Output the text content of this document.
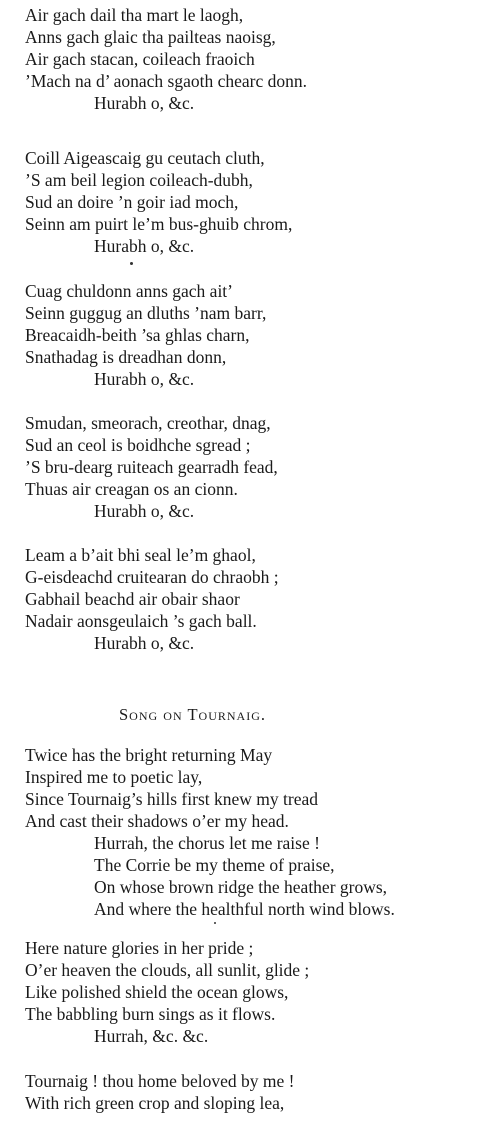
Air gach dail tha mart le laogh,
Anns gach glaic tha pailteas naoisg,
Air gach stacan, coileach fraoich
’Mach na d’ aonach sgaoth chearc donn.
Hurabh o, &c.
Coill Aigeascaig gu ceutach cluth,
’S am beil legion coileach-dubh,
Sud an doire ’n goir iad moch,
Seinn am puirt le’m bus-ghuib chrom,
Hurabh o, &c.
Cuag chuldonn anns gach ait’
Seinn guggug an dluths ’nam barr,
Breacaidh-beith ’sa ghlas charn,
Snathadag is dreadhan donn,
Hurabh o, &c.
Smudan, smeorach, creothar, dnag,
Sud an ceol is boidhche sgread ;
’S bru-dearg ruiteach gearradh fead,
Thuas air creagan os an cionn.
Hurabh o, &c.
Leam a b’ait bhi seal le’m ghaol,
G-eisdeachd cruitearan do chraobh ;
Gabhail beachd air obair shaor
Nadair aonsgeulaich ’s gach ball.
Hurabh o, &c.
Song on Tournaig.
Twice has the bright returning May
Inspired me to poetic lay,
Since Tournaig’s hills first knew my tread
And cast their shadows o’er my head.
Hurrah, the chorus let me raise !
The Corrie be my theme of praise,
On whose brown ridge the heather grows,
And where the healthful north wind blows.
Here nature glories in her pride ;
O’er heaven the clouds, all sunlit, glide ;
Like polished shield the ocean glows,
The babbling burn sings as it flows.
Hurrah, &c. &c.
Tournaig ! thou home beloved by me !
With rich green crop and sloping lea,
